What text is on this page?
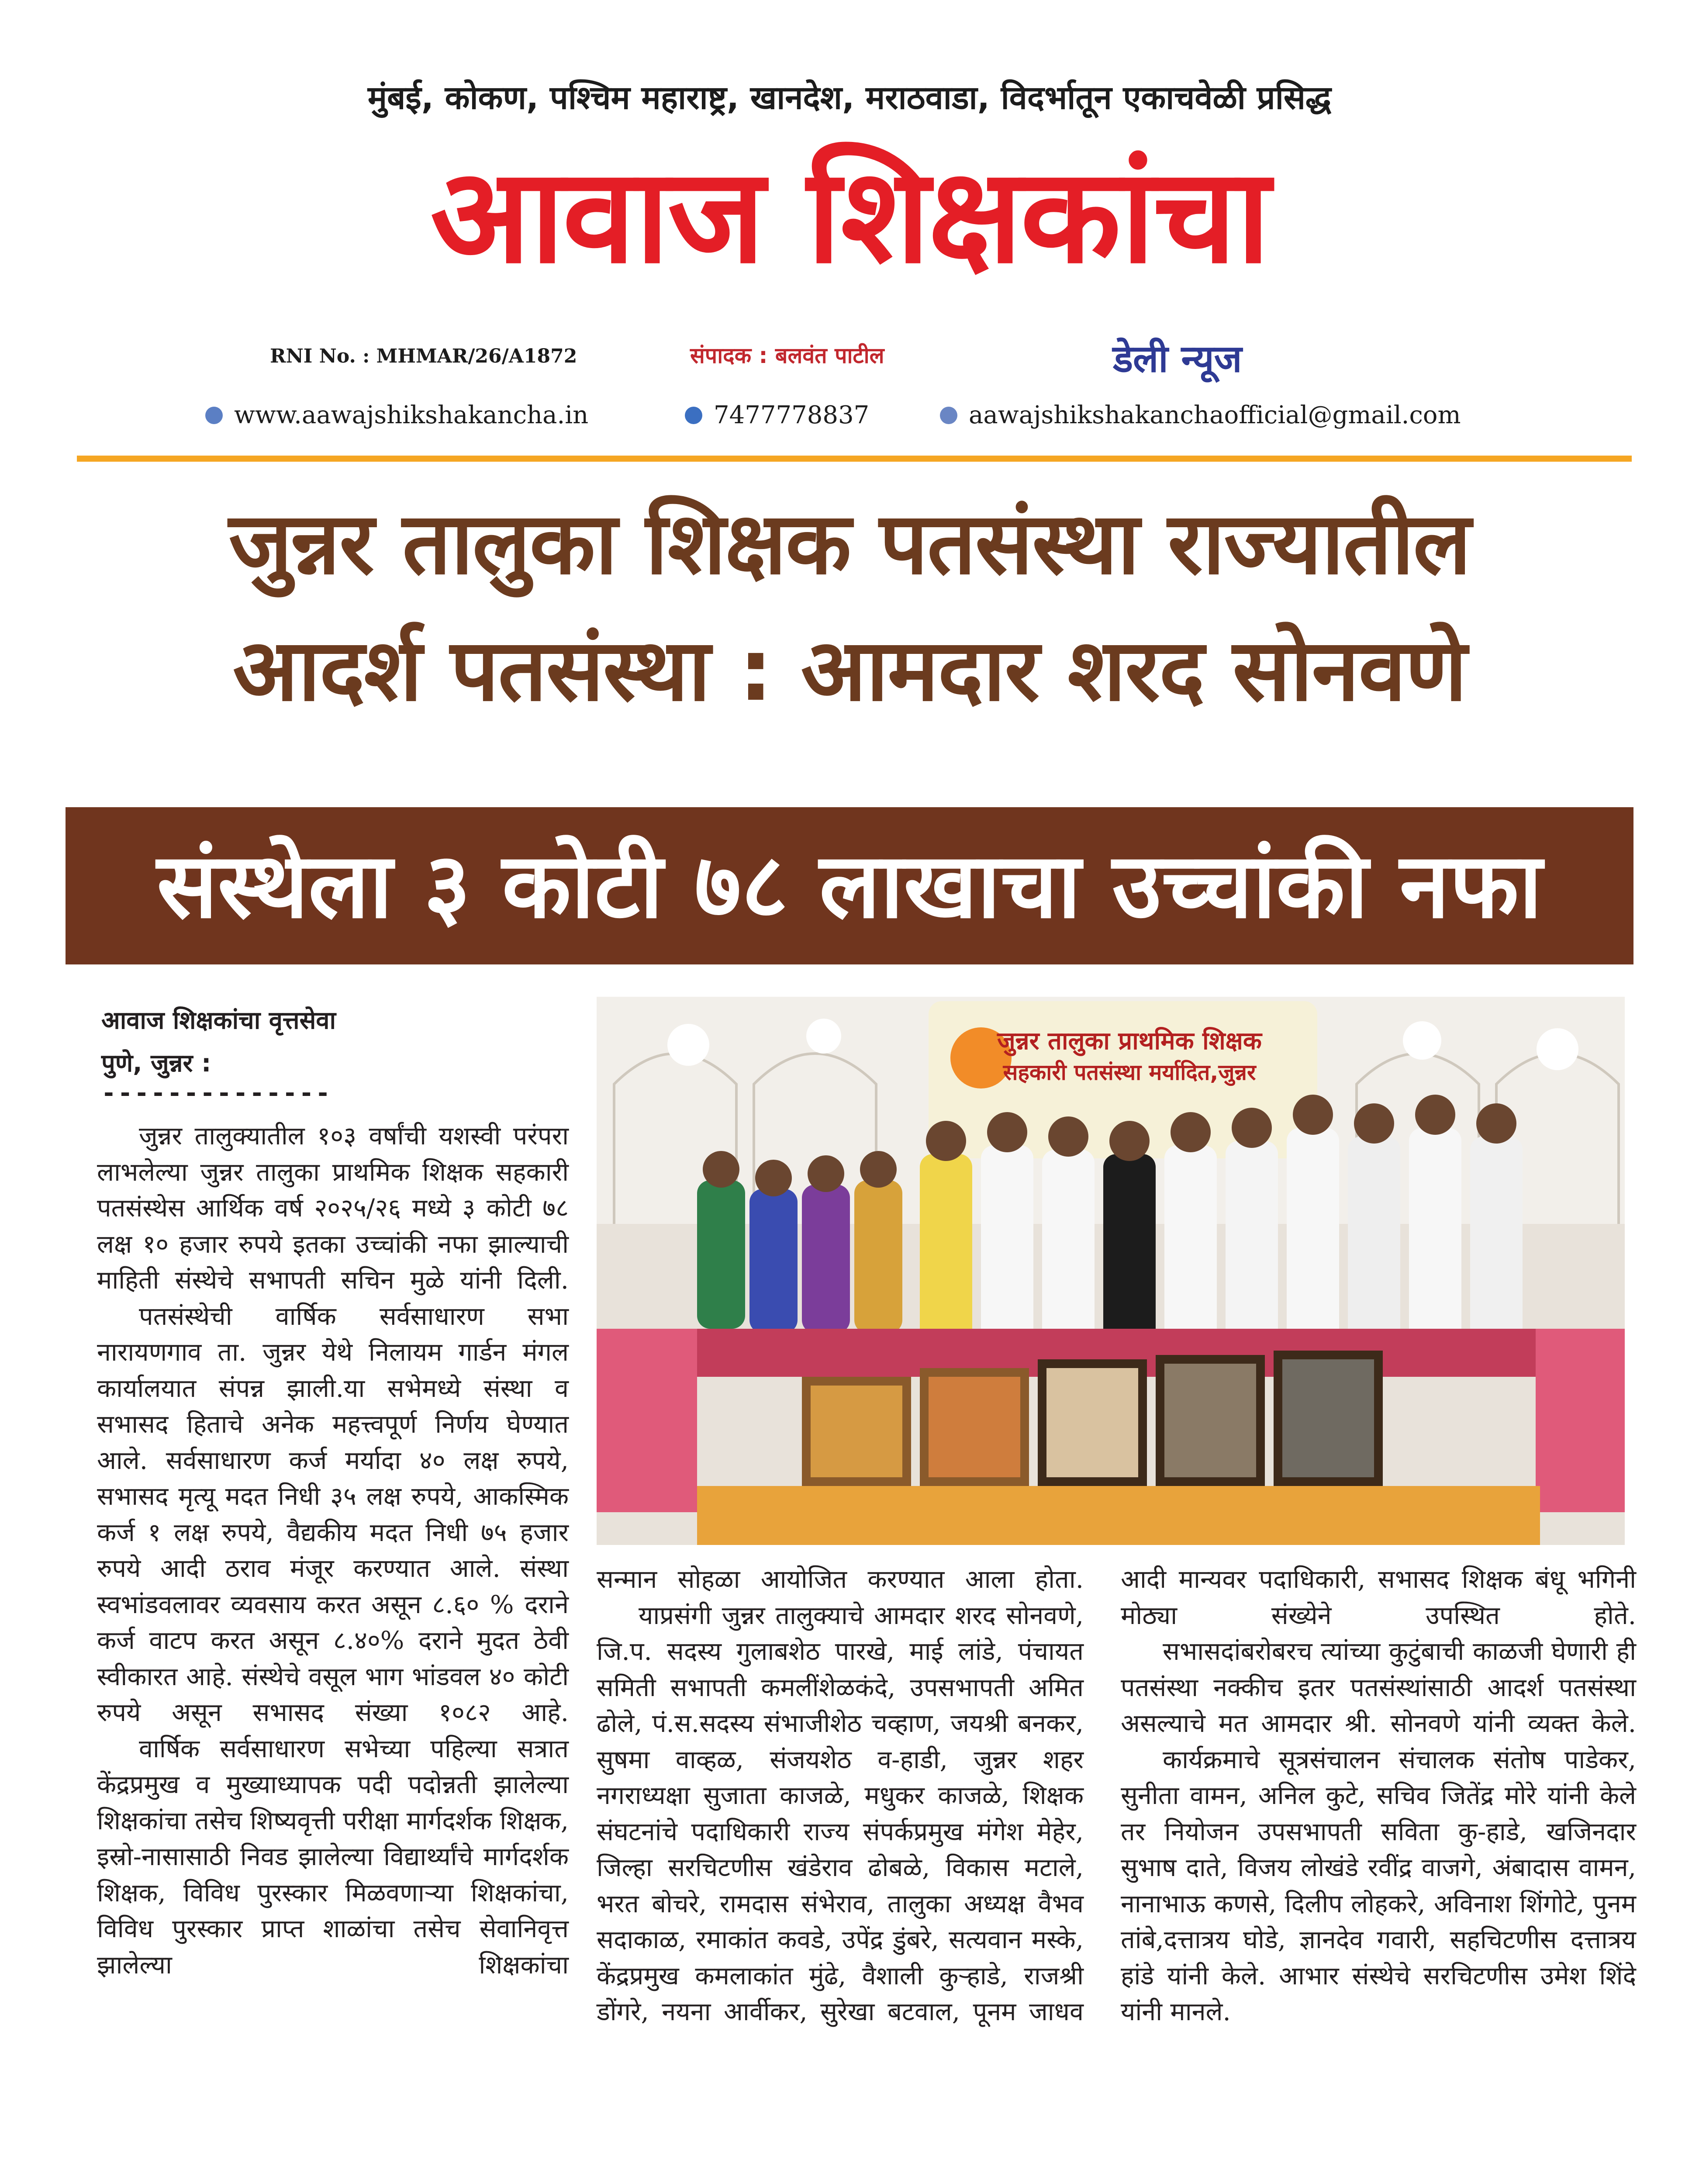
मुंबई, कोकण, पश्चिम महाराष्ट्र, खानदेश, मराठवाडा, विदर्भातून एकाचवेळी प्रसिद्ध
आवाज शिक्षकांचा
RNI No. : MHMAR/26/A1872	संपादक : बलवंत पाटील	डेली न्यूज
www.aawajshikshakancha.in	7477778837	aawajshikshakanchaofficial@gmail.com
जुन्नर तालुका शिक्षक पतसंस्था राज्यातील
आदर्श पतसंस्था : आमदार शरद सोनवणे
संस्थेला ३ कोटी ७८ लाखाचा उच्चांकी नफा
आवाज शिक्षकांचा वृत्तसेवा
पुणे, जुन्नर :
--------------

जुन्नर तालुक्यातील १०३ वर्षांची यशस्वी परंपरा लाभलेल्या जुन्नर तालुका प्राथमिक शिक्षक सहकारी पतसंस्थेस आर्थिक वर्ष २०२५/२६ मध्ये ३ कोटी ७८ लक्ष १० हजार रुपये इतका उच्चांकी नफा झाल्याची माहिती संस्थेचे सभापती सचिन मुळे यांनी दिली.

पतसंस्थेची वार्षिक सर्वसाधारण सभा नारायणगाव ता. जुन्नर येथे निलायम गार्डन मंगल कार्यालयात संपन्न झाली.या सभेमध्ये संस्था व सभासद हिताचे अनेक महत्त्वपूर्ण निर्णय घेण्यात आले. सर्वसाधारण कर्ज मर्यादा ४० लक्ष रुपये, सभासद मृत्यू मदत निधी ३५ लक्ष रुपये, आकस्मिक कर्ज १ लक्ष रुपये, वैद्यकीय मदत निधी ७५ हजार रुपये आदी ठराव मंजूर करण्यात आले. संस्था स्वभांडवलावर व्यवसाय करत असून ८.६० % दराने कर्ज वाटप करत असून ८.४०% दराने मुदत ठेवी स्वीकारत आहे. संस्थेचे वसूल भाग भांडवल ४० कोटी रुपये असून सभासद संख्या १०८२ आहे.

वार्षिक सर्वसाधारण सभेच्या पहिल्या सत्रात केंद्रप्रमुख व मुख्याध्यापक पदी पदोन्नती झालेल्या शिक्षकांचा तसेच शिष्यवृत्ती परीक्षा मार्गदर्शक शिक्षक, इस्रो-नासासाठी निवड झालेल्या विद्यार्थ्यांचे मार्गदर्शक शिक्षक, विविध पुरस्कार मिळवणाऱ्या शिक्षकांचा, विविध पुरस्कार प्राप्त शाळांचा तसेच सेवानिवृत्त झालेल्या शिक्षकांचा

जुन्नर तालुका प्राथमिक शिक्षक
सहकारी पतसंस्था मर्यादित,जुन्नर

सन्मान सोहळा आयोजित करण्यात आला होता.

याप्रसंगी जुन्नर तालुक्याचे आमदार शरद सोनवणे, जि.प. सदस्य गुलाबशेठ पारखे, माई लांडे, पंचायत समिती सभापती कमलींशेळकंदे, उपसभापती अमित ढोले, पं.स.सदस्य संभाजीशेठ चव्हाण, जयश्री बनकर, सुषमा वाव्हळ, संजयशेठ व-हाडी, जुन्नर शहर नगराध्यक्षा सुजाता काजळे, मधुकर काजळे, शिक्षक संघटनांचे पदाधिकारी राज्य संपर्कप्रमुख मंगेश मेहेर, जिल्हा सरचिटणीस खंडेराव ढोबळे, विकास मटाले, भरत बोचरे, रामदास संभेराव, तालुका अध्यक्ष वैभव सदाकाळ, रमाकांत कवडे, उपेंद्र डुंबरे, सत्यवान मस्के, केंद्रप्रमुख कमलाकांत मुंढे, वैशाली कुऱ्हाडे, राजश्री डोंगरे, नयना आर्वीकर, सुरेखा बटवाल, पूनम जाधव

आदी मान्यवर पदाधिकारी, सभासद शिक्षक बंधू भगिनी मोठ्या संख्येने उपस्थित होते.

सभासदांबरोबरच त्यांच्या कुटुंबाची काळजी घेणारी ही पतसंस्था नक्कीच इतर पतसंस्थांसाठी आदर्श पतसंस्था असल्याचे मत आमदार श्री. सोनवणे यांनी व्यक्त केले.

कार्यक्रमाचे सूत्रसंचालन संचालक संतोष पाडेकर, सुनीता वामन, अनिल कुटे, सचिव जितेंद्र मोरे यांनी केले तर नियोजन उपसभापती सविता कु-हाडे, खजिनदार सुभाष दाते, विजय लोखंडे रवींद्र वाजगे, अंबादास वामन, नानाभाऊ कणसे, दिलीप लोहकरे, अविनाश शिंगोटे, पुनम तांबे,दत्तात्रय घोडे, ज्ञानदेव गवारी, सहचिटणीस दत्तात्रय हांडे यांनी केले. आभार संस्थेचे सरचिटणीस उमेश शिंदे यांनी मानले.
